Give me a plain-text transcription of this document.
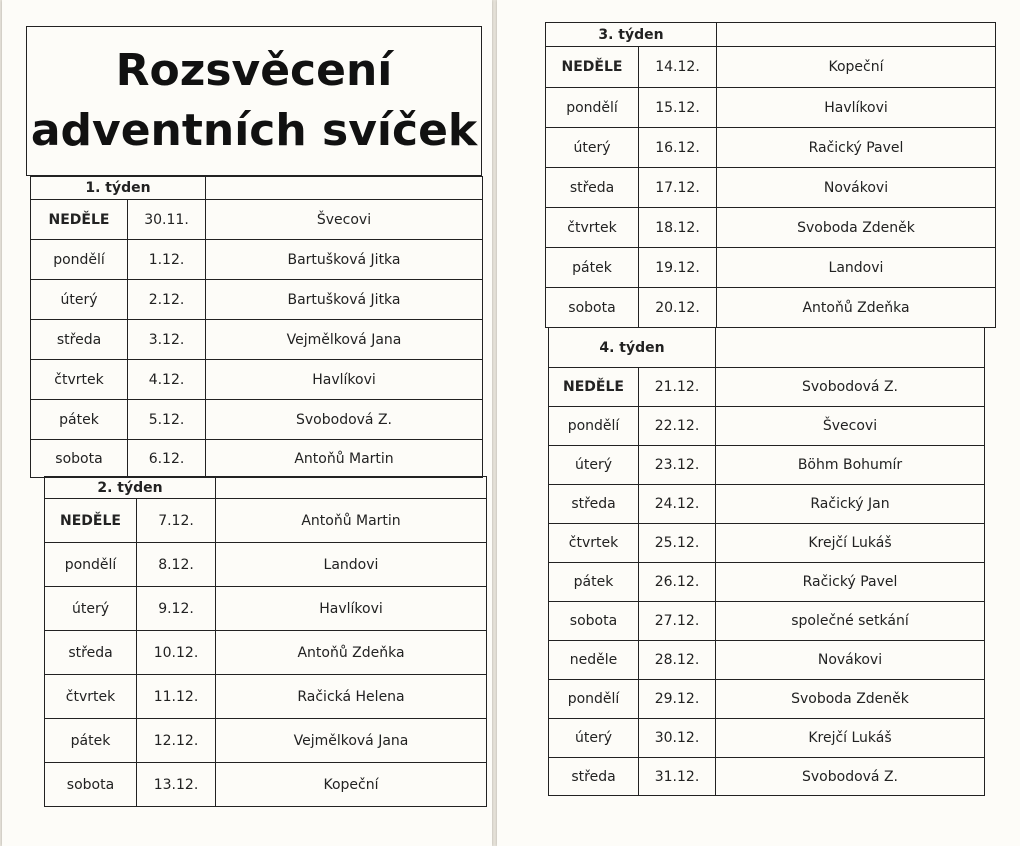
Rozsvěcení
adventních svíček
1. týden		
NEDĚLE	30.11.	Švecovi
pondělí	1.12.	Bartušková Jitka
úterý	2.12.	Bartušková Jitka
středa	3.12.	Vejmělková Jana
čtvrtek	4.12.	Havlíkovi
pátek	5.12.	Svobodová Z.
sobota	6.12.	Antoňů Martin
2. týden		
NEDĚLE	7.12.	Antoňů Martin
pondělí	8.12.	Landovi
úterý	9.12.	Havlíkovi
středa	10.12.	Antoňů Zdeňka
čtvrtek	11.12.	Račická Helena
pátek	12.12.	Vejmělková Jana
sobota	13.12.	Kopeční
3. týden		
NEDĚLE	14.12.	Kopeční
pondělí	15.12.	Havlíkovi
úterý	16.12.	Račický Pavel
středa	17.12.	Novákovi
čtvrtek	18.12.	Svoboda Zdeněk
pátek	19.12.	Landovi
sobota	20.12.	Antoňů Zdeňka
4. týden		
NEDĚLE	21.12.	Svobodová Z.
pondělí	22.12.	Švecovi
úterý	23.12.	Böhm Bohumír
středa	24.12.	Račický Jan
čtvrtek	25.12.	Krejčí Lukáš
pátek	26.12.	Račický Pavel
sobota	27.12.	společné setkání
neděle	28.12.	Novákovi
pondělí	29.12.	Svoboda Zdeněk
úterý	30.12.	Krejčí Lukáš
středa	31.12.	Svobodová Z.
